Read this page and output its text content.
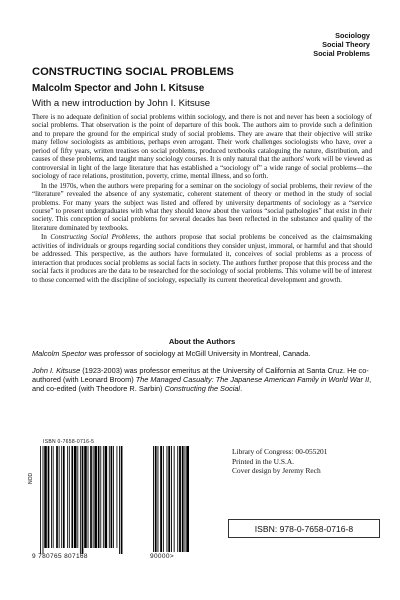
Sociology
Social Theory
Social Problems
CONSTRUCTING SOCIAL PROBLEMS
Malcolm Spector and John I. Kitsuse
With a new introduction by John I. Kitsuse

There is no adequate definition of social problems within sociology, and there is not and never has been a sociology of social problems. That observation is the point of departure of this book. The authors aim to provide such a definition and to prepare the ground for the empirical study of social problems. They are aware that their objective will strike many fellow sociologists as ambitious, perhaps even arrogant. Their work challenges sociologists who have, over a period of fifty years, written treatises on social problems, produced textbooks cataloguing the nature, distribution, and causes of these problems, and taught many sociology courses. It is only natural that the authors' work will be viewed as controversial in light of the large literature that has established a “sociology of” a wide range of social problems—the sociology of race relations, prostitution, poverty, crime, mental illness, and so forth.

In the 1970s, when the authors were preparing for a seminar on the sociology of social problems, their review of the “literature” revealed the absence of any systematic, coherent statement of theory or method in the study of social problems. For many years the subject was listed and offered by university departments of sociology as a “service course” to present undergraduates with what they should know about the various “social pathologies” that exist in their society. This conception of social problems for several decades has been reflected in the substance and quality of the literature dominated by textbooks.

In Constructing Social Problems, the authors propose that social problems be conceived as the claimsmaking activities of individuals or groups regarding social conditions they consider unjust, immoral, or harmful and that should be addressed. This perspective, as the authors have formulated it, conceives of social problems as a process of interaction that produces social problems as social facts in society. The authors further propose that this process and the social facts it produces are the data to be researched for the sociology of social problems. This volume will be of interest to those concerned with the discipline of sociology, especially its current theoretical development and growth.

About the Authors

Malcolm Spector was professor of sociology at McGill University in Montreal, Canada.

John I. Kitsuse (1923-2003) was professor emeritus at the University of California at Santa Cruz. He co-authored (with Leonard Broom) The Managed Casualty: The Japanese American Family in World War II, and co-edited (with Theodore R. Sarbin) Constructing the Social.

ISBN 0-7658-0716-5
NOD
9 780765 807168	90000>
Library of Congress: 00-055201
Printed in the U.S.A.
Cover design by Jeremy Rech
ISBN: 978-0-7658-0716-8
